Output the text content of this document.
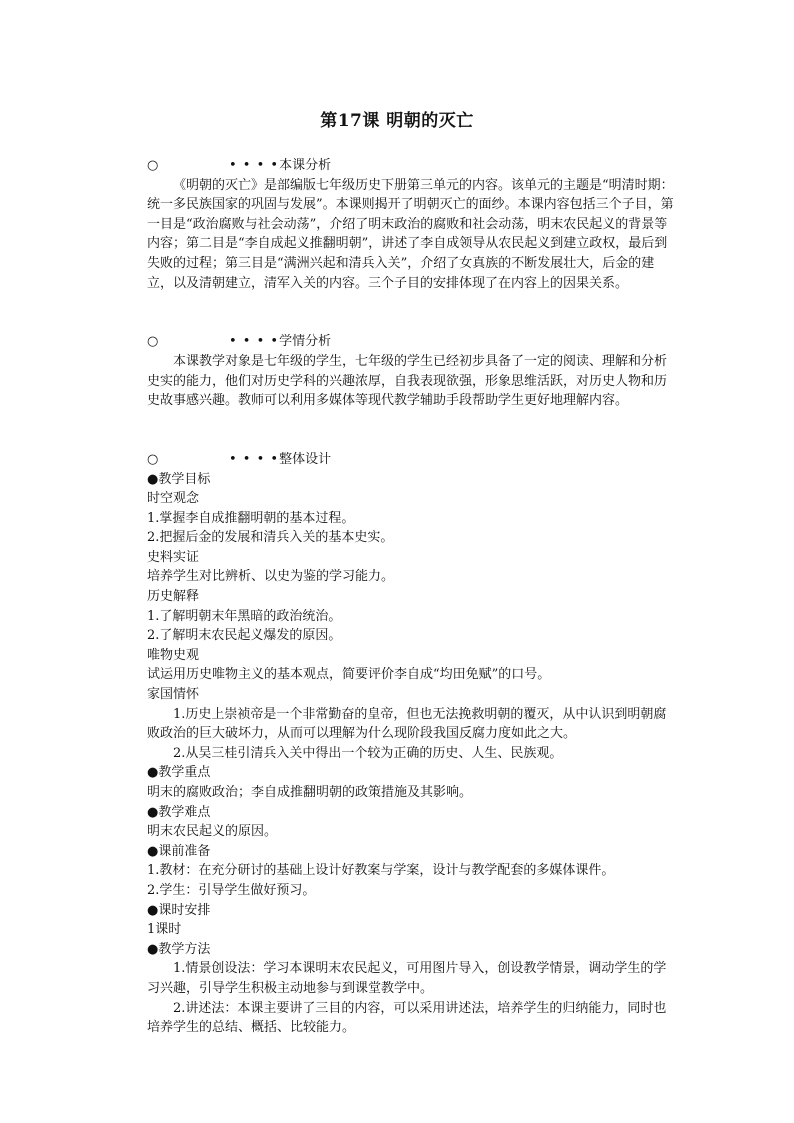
第17课 明朝的灭亡
○	• • • • 本课分析

《明朝的灭亡》是部编版七年级历史下册第三单元的内容。该单元的主题是“明清时期：统一多民族国家的巩固与发展”。本课则揭开了明朝灭亡的面纱。本课内容包括三个子目，第一目是“政治腐败与社会动荡”，介绍了明末政治的腐败和社会动荡，明末农民起义的背景等内容；第二目是“李自成起义推翻明朝”，讲述了李自成领导从农民起义到建立政权，最后到失败的过程；第三目是“满洲兴起和清兵入关”，介绍了女真族的不断发展壮大，后金的建立，以及清朝建立，清军入关的内容。三个子目的安排体现了在内容上的因果关系。

○	• • • • 学情分析

本课教学对象是七年级的学生，七年级的学生已经初步具备了一定的阅读、理解和分析史实的能力，他们对历史学科的兴趣浓厚，自我表现欲强，形象思维活跃，对历史人物和历史故事感兴趣。教师可以利用多媒体等现代教学辅助手段帮助学生更好地理解内容。

○	• • • • 整体设计

●教学目标

时空观念

1.掌握李自成推翻明朝的基本过程。

2.把握后金的发展和清兵入关的基本史实。

史料实证

培养学生对比辨析、以史为鉴的学习能力。

历史解释

1.了解明朝末年黑暗的政治统治。

2.了解明末农民起义爆发的原因。

唯物史观

试运用历史唯物主义的基本观点，简要评价李自成“均田免赋”的口号。

家国情怀

1.历史上崇祯帝是一个非常勤奋的皇帝，但也无法挽救明朝的覆灭，从中认识到明朝腐败政治的巨大破坏力，从而可以理解为什么现阶段我国反腐力度如此之大。

2.从吴三桂引清兵入关中得出一个较为正确的历史、人生、民族观。

●教学重点

明末的腐败政治；李自成推翻明朝的政策措施及其影响。

●教学难点

明末农民起义的原因。

●课前准备

1.教材：在充分研讨的基础上设计好教案与学案，设计与教学配套的多媒体课件。

2.学生：引导学生做好预习。

●课时安排

1课时

●教学方法

1.情景创设法：学习本课明末农民起义，可用图片导入，创设教学情景，调动学生的学习兴趣，引导学生积极主动地参与到课堂教学中。

2.讲述法：本课主要讲了三目的内容，可以采用讲述法，培养学生的归纳能力，同时也培养学生的总结、概括、比较能力。
